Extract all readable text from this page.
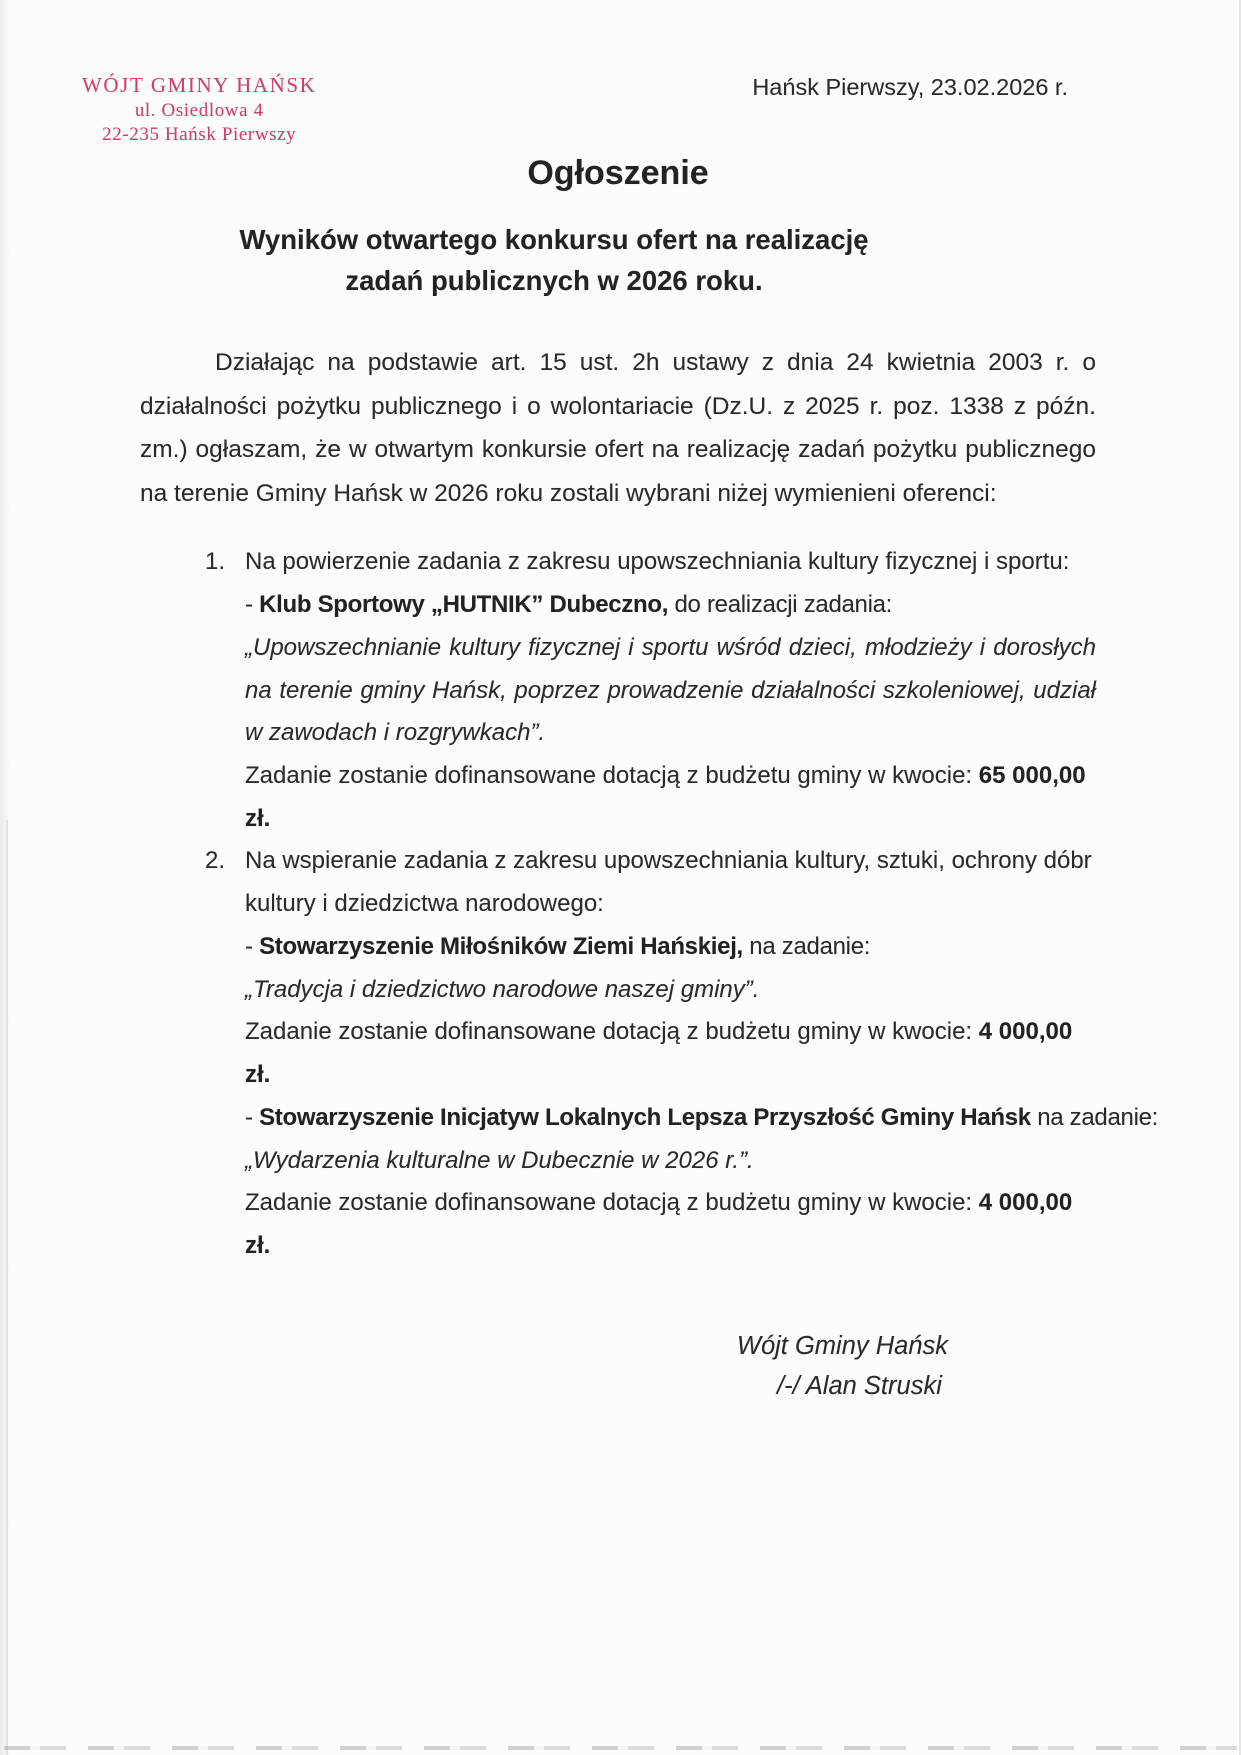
WÓJT GMINY HAŃSK
ul. Osiedlowa 4
22-235 Hańsk Pierwszy
Hańsk Pierwszy, 23.02.2026 r.
Ogłoszenie
Wyników otwartego konkursu ofert na realizację
zadań publicznych w 2026 roku.

Działając na podstawie art. 15 ust. 2h ustawy z dnia 24 kwietnia 2003 r. o działalności pożytku publicznego i o wolontariacie (Dz.U. z 2025 r. poz. 1338 z późn. zm.) ogłaszam, że w otwartym konkursie ofert na realizację zadań pożytku publicznego na terenie Gminy Hańsk w 2026 roku zostali wybrani niżej wymienieni oferenci:

1. Na powierzenie zadania z zakresu upowszechniania kultury fizycznej i sportu:
- Klub Sportowy „HUTNIK” Dubeczno, do realizacji zadania:
„Upowszechnianie kultury fizycznej i sportu wśród dzieci, młodzieży i dorosłych na terenie gminy Hańsk, poprzez prowadzenie działalności szkoleniowej, udział w zawodach i rozgrywkach”.
Zadanie zostanie dofinansowane dotacją z budżetu gminy w kwocie: 65 000,00 zł.
2. Na wspieranie zadania z zakresu upowszechniania kultury, sztuki, ochrony dóbr kultury i dziedzictwa narodowego:
- Stowarzyszenie Miłośników Ziemi Hańskiej, na zadanie:
„Tradycja i dziedzictwo narodowe naszej gminy”.
Zadanie zostanie dofinansowane dotacją z budżetu gminy w kwocie: 4 000,00 zł.
- Stowarzyszenie Inicjatyw Lokalnych Lepsza Przyszłość Gminy Hańsk na zadanie:
„Wydarzenia kulturalne w Dubecznie w 2026 r.”.
Zadanie zostanie dofinansowane dotacją z budżetu gminy w kwocie: 4 000,00 zł.
Wójt Gminy Hańsk
/-/ Alan Struski
